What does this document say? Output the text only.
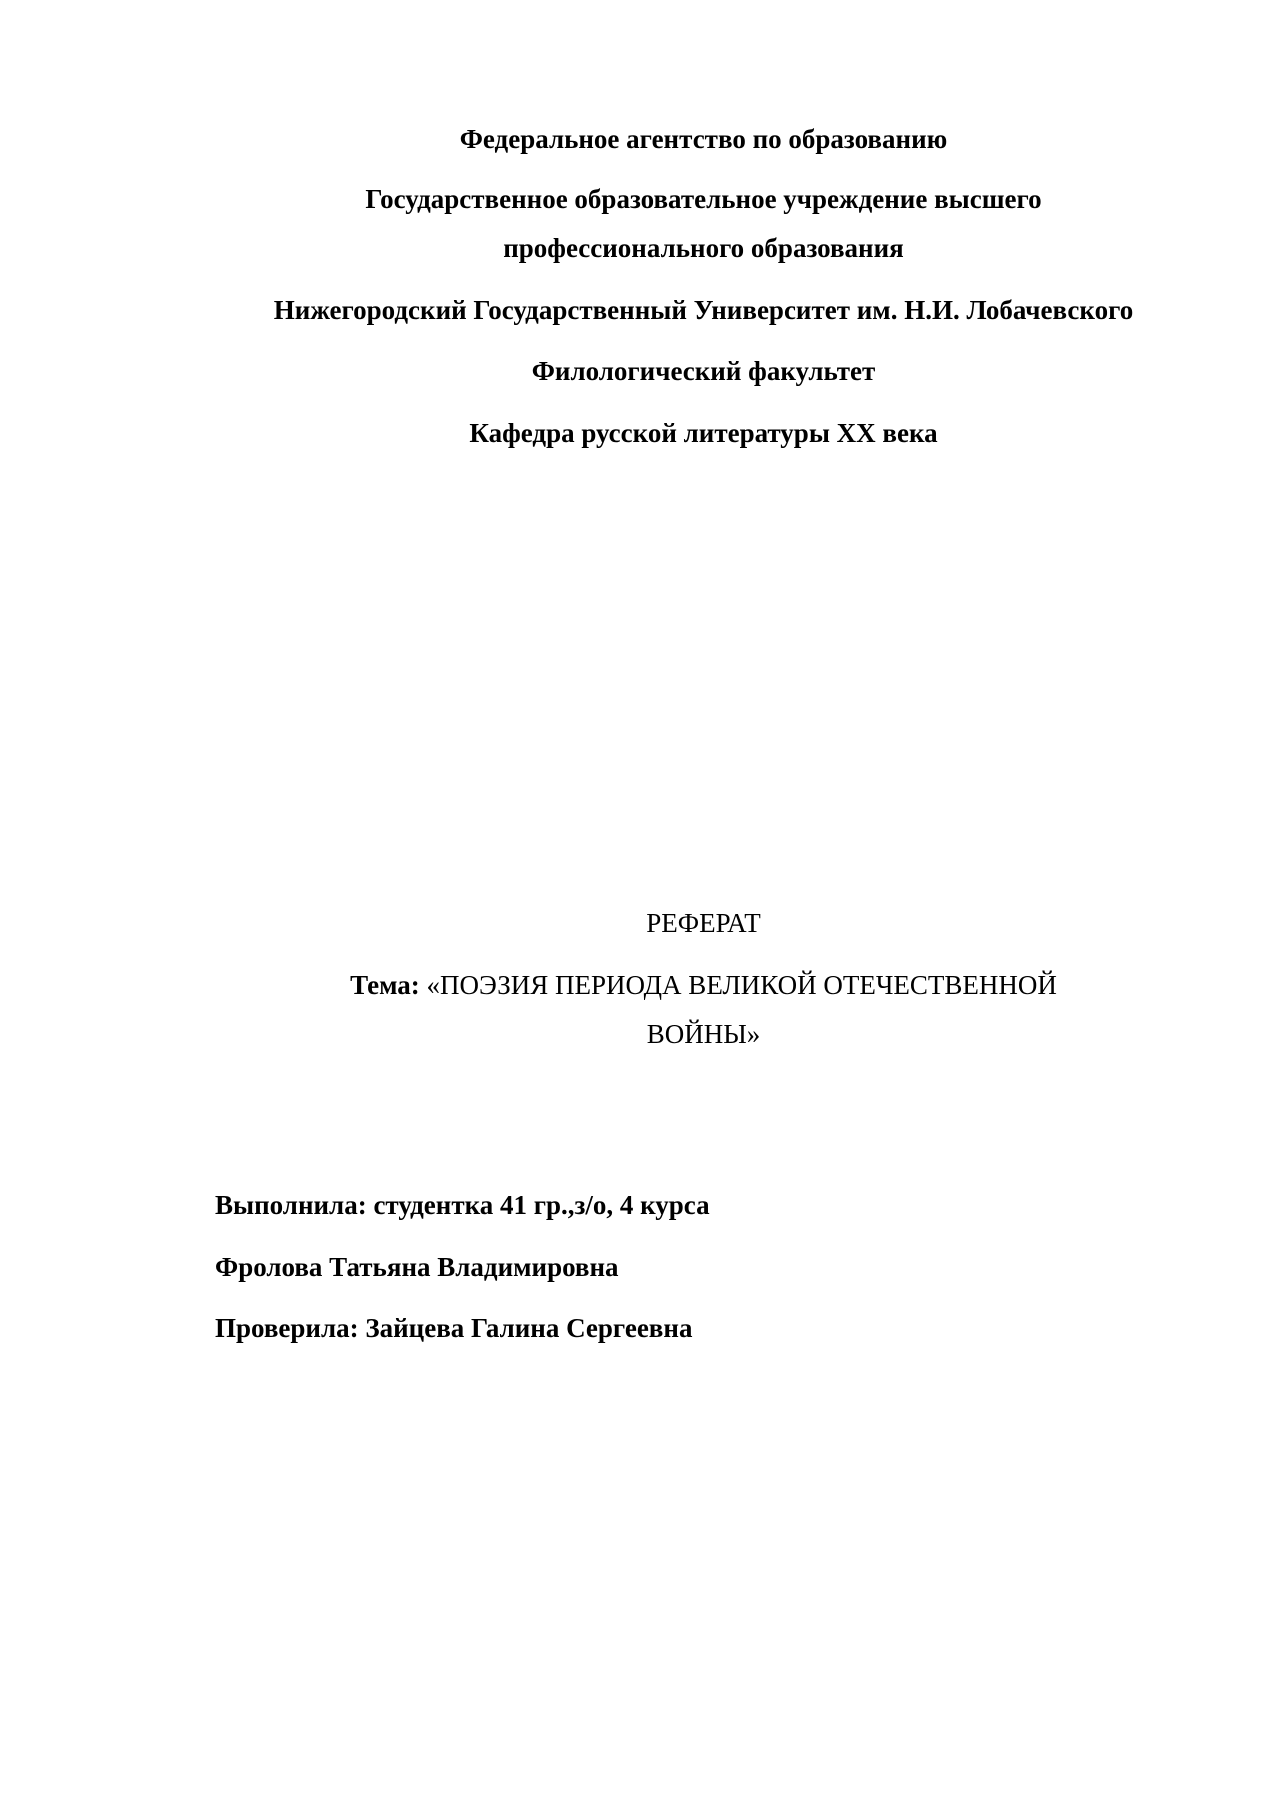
Федеральное агентство по образованию
Государственное образовательное учреждение высшего
профессионального образования
Нижегородский Государственный Университет им. Н.И. Лобачевского
Филологический факультет
Кафедра русской литературы XX века
РЕФЕРАТ
Тема: «ПОЭЗИЯ ПЕРИОДА ВЕЛИКОЙ ОТЕЧЕСТВЕННОЙ
ВОЙНЫ»
Выполнила: студентка 41 гр.,з/о, 4 курса
Фролова Татьяна Владимировна
Проверила: Зайцева Галина Сергеевна
